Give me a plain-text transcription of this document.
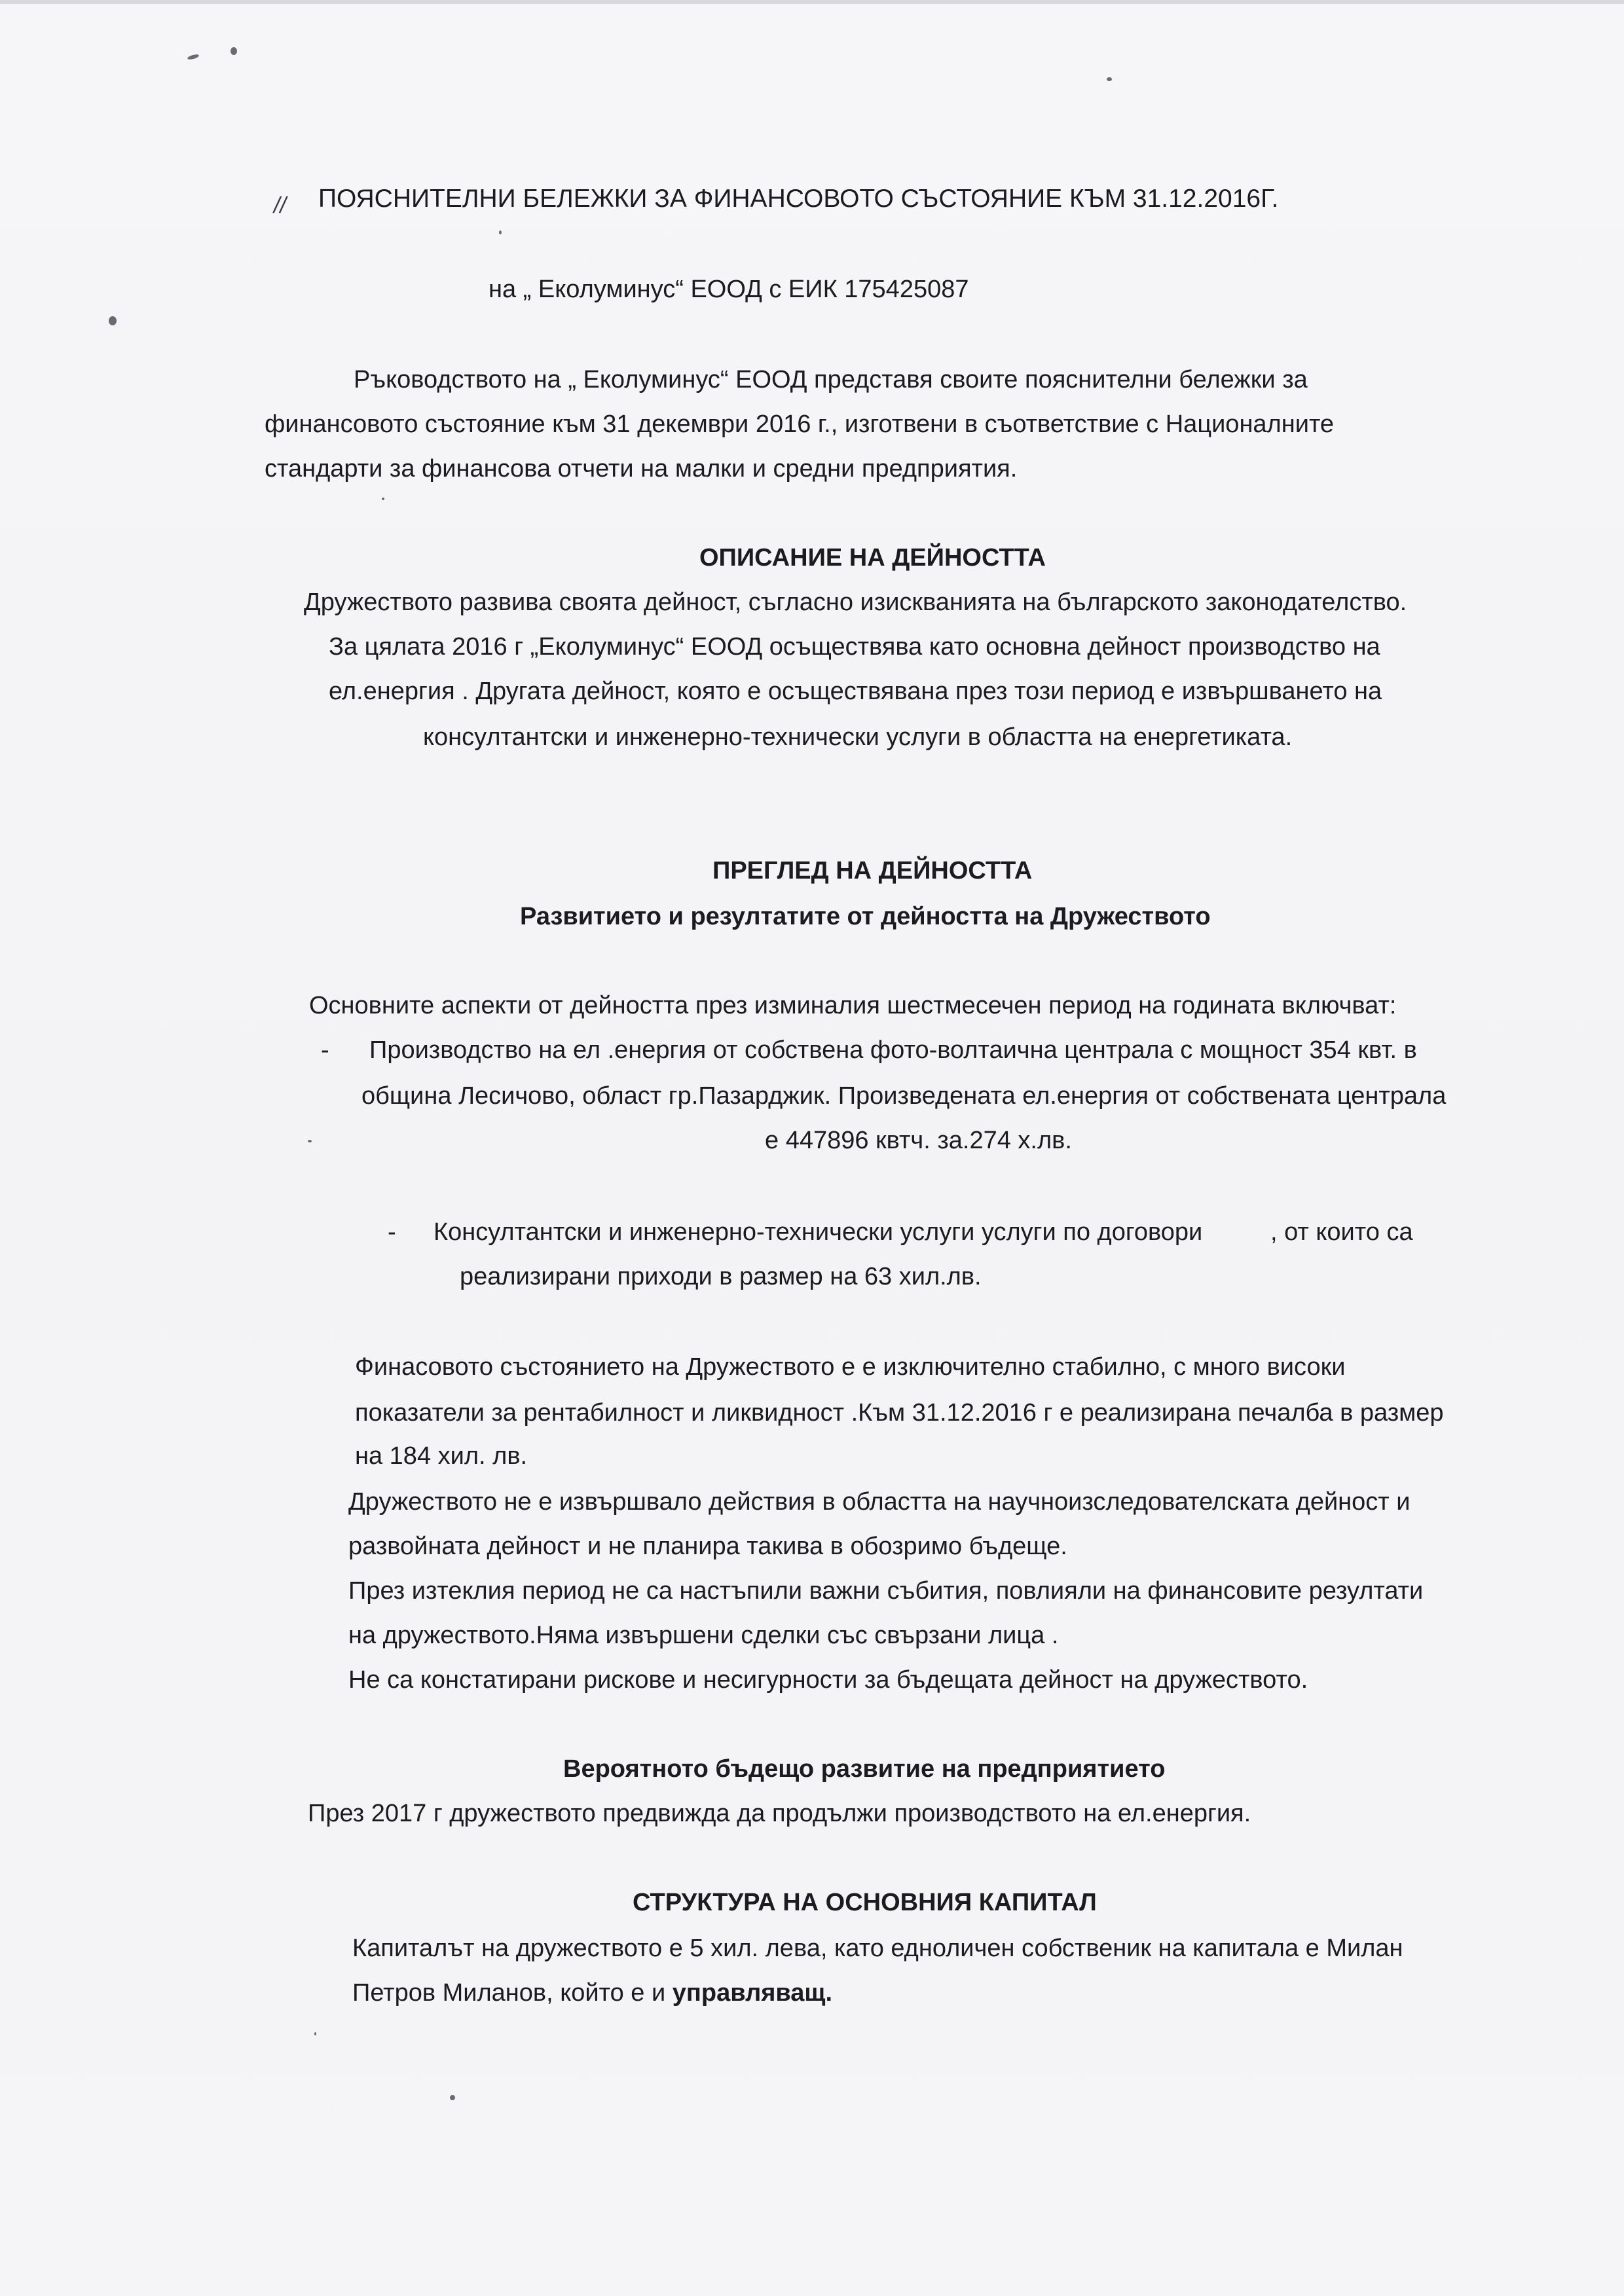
// ПОЯСНИТЕЛНИ БЕЛЕЖКИ ЗА ФИНАНСОВОТО СЪСТОЯНИЕ КЪМ 31.12.2016Г.
на „ Еколуминус“ ЕООД с ЕИК 175425087
Ръководството на „ Еколуминус“ ЕООД представя своите пояснителни бележки за
финансовото състояние към 31 декември 2016 г., изготвени в съответствие с Националните
стандарти за финансова отчети на малки и средни предприятия.
ОПИСАНИЕ НА ДЕЙНОСТТА
Дружеството развива своята дейност, съгласно изискванията на българското законодателство.
За цялата 2016 г „Еколуминус“ ЕООД осъществява като основна дейност производство на
ел.енергия . Другата дейност, която е осъществявана през този период е извършването на
консултантски и инженерно-технически услуги в областта на енергетиката.
ПРЕГЛЕД НА ДЕЙНОСТТА
Развитието и резултатите от дейността на Дружеството
Основните аспекти от дейността през изминалия шестмесечен период на годината включват:
- Производство на ел .енергия от собствена фото-волтаична централа с мощност 354 квт. в
община Лесичово, област гр.Пазарджик. Произведената ел.енергия от собствената централа
е 447896 квтч. за.274 х.лв.
- Консултантски и инженерно-технически услуги услуги по договори	, от които са
реализирани приходи в размер на 63 хил.лв.
Финасовото състоянието на Дружеството е е изключително стабилно, с много високи
показатели за рентабилност и ликвидност .Към 31.12.2016 г е реализирана печалба в размер
на 184 хил. лв.
Дружеството не е извършвало действия в областта на научноизследователската дейност и
развойната дейност и не планира такива в обозримо бъдеще.
През изтеклия период не са настъпили важни събития, повлияли на финансовите резултати
на дружеството.Няма извършени сделки със свързани лица .
Не са констатирани рискове и несигурности за бъдещата дейност на дружеството.
Вероятното бъдещо развитие на предприятието
През 2017 г дружеството предвижда да продължи производството на ел.енергия.
СТРУКТУРА НА ОСНОВНИЯ КАПИТАЛ
Капиталът на дружеството е 5 хил. лева, като едноличен собственик на капитала е Милан
Петров Миланов, който е и управляващ.
